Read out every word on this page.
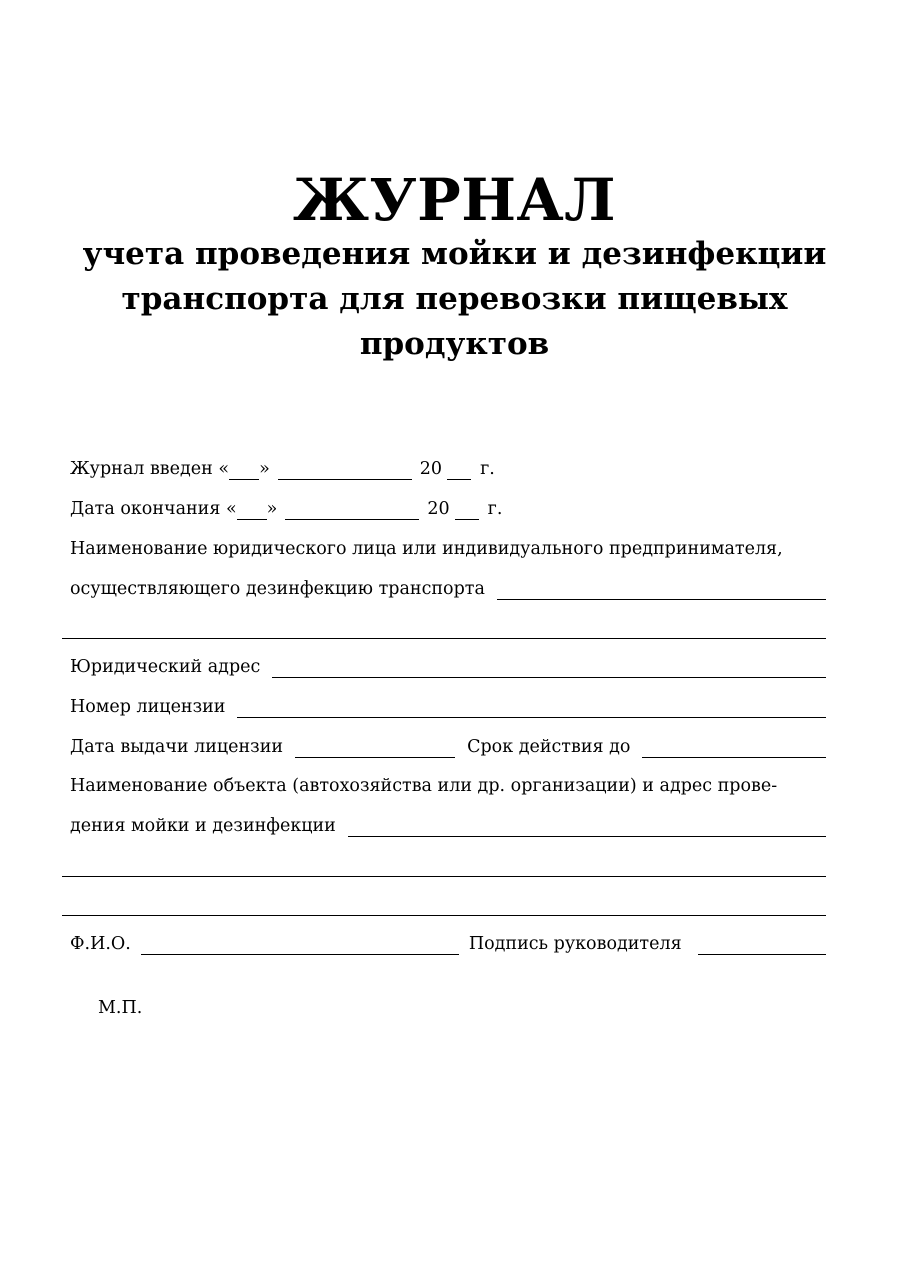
ЖУРНАЛ
учета проведения мойки и дезинфекции транспорта для перевозки пищевых продуктов
Журнал введен « »	20 г.
Дата окончания « »	20 г.
Наименование юридического лица или индивидуального предпринимателя,
осуществляющего дезинфекцию транспорта
Юридический адрес
Номер лицензии
Дата выдачи лицензии	Срок действия до
Наименование объекта (автохозяйства или др. организации) и адрес прове-
дения мойки и дезинфекции
Ф.И.О.	Подпись руководителя
М.П.
